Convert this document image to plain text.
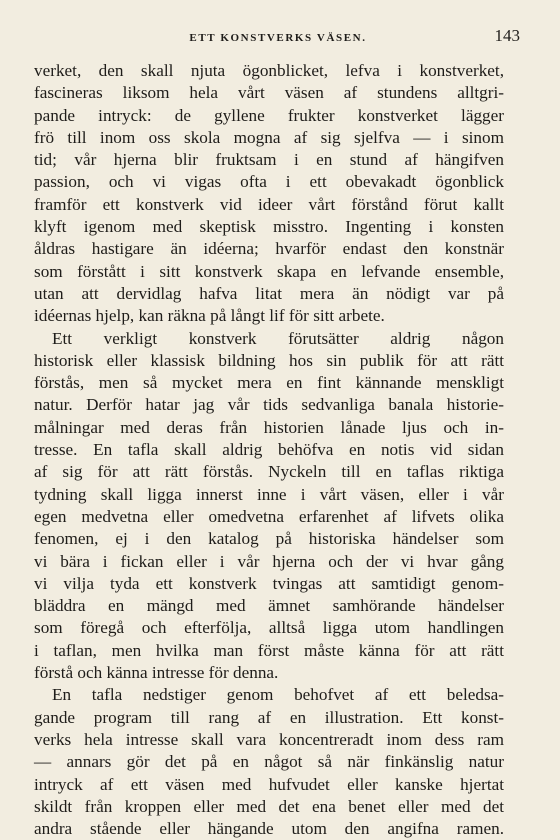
ETT KONSTVERKS VÄSEN.	143
verket, den skall njuta ögonblicket, lefva i konstverket,
fascineras liksom hela vårt väsen af stundens alltgri-
pande intryck: de gyllene frukter konstverket lägger
frö till inom oss skola mogna af sig sjelfva — i sinom
tid; vår hjerna blir fruktsam i en stund af hängifven
passion, och vi vigas ofta i ett obevakadt ögonblick
framför ett konstverk vid ideer vårt förstånd förut kallt
klyft igenom med skeptisk misstro. Ingenting i konsten
åldras hastigare än idéerna; hvarför endast den konstnär
som förstått i sitt konstverk skapa en lefvande ensemble,
utan att dervidlag hafva litat mera än nödigt var på
idéernas hjelp, kan räkna på långt lif för sitt arbete.
Ett verkligt konstverk förutsätter aldrig någon
historisk eller klassisk bildning hos sin publik för att rätt
förstås, men så mycket mera en fint kännande menskligt
natur. Derför hatar jag vår tids sedvanliga banala historie-
målningar med deras från historien lånade ljus och in-
tresse. En tafla skall aldrig behöfva en notis vid sidan
af sig för att rätt förstås. Nyckeln till en taflas riktiga
tydning skall ligga innerst inne i vårt väsen, eller i vår
egen medvetna eller omedvetna erfarenhet af lifvets olika
fenomen, ej i den katalog på historiska händelser som
vi bära i fickan eller i vår hjerna och der vi hvar gång
vi vilja tyda ett konstverk tvingas att samtidigt genom-
bläddra en mängd med ämnet samhörande händelser
som föregå och efterfölja, alltså ligga utom handlingen
i taflan, men hvilka man först måste känna för att rätt
förstå och känna intresse för denna.
En tafla nedstiger genom behofvet af ett beledsa-
gande program till rang af en illustration. Ett konst-
verks hela intresse skall vara koncentreradt inom dess ram
— annars gör det på en något så när finkänslig natur
intryck af ett väsen med hufvudet eller kanske hjertat
skildt från kroppen eller med det ena benet eller med det
andra stående eller hängande utom den angifna ramen.
